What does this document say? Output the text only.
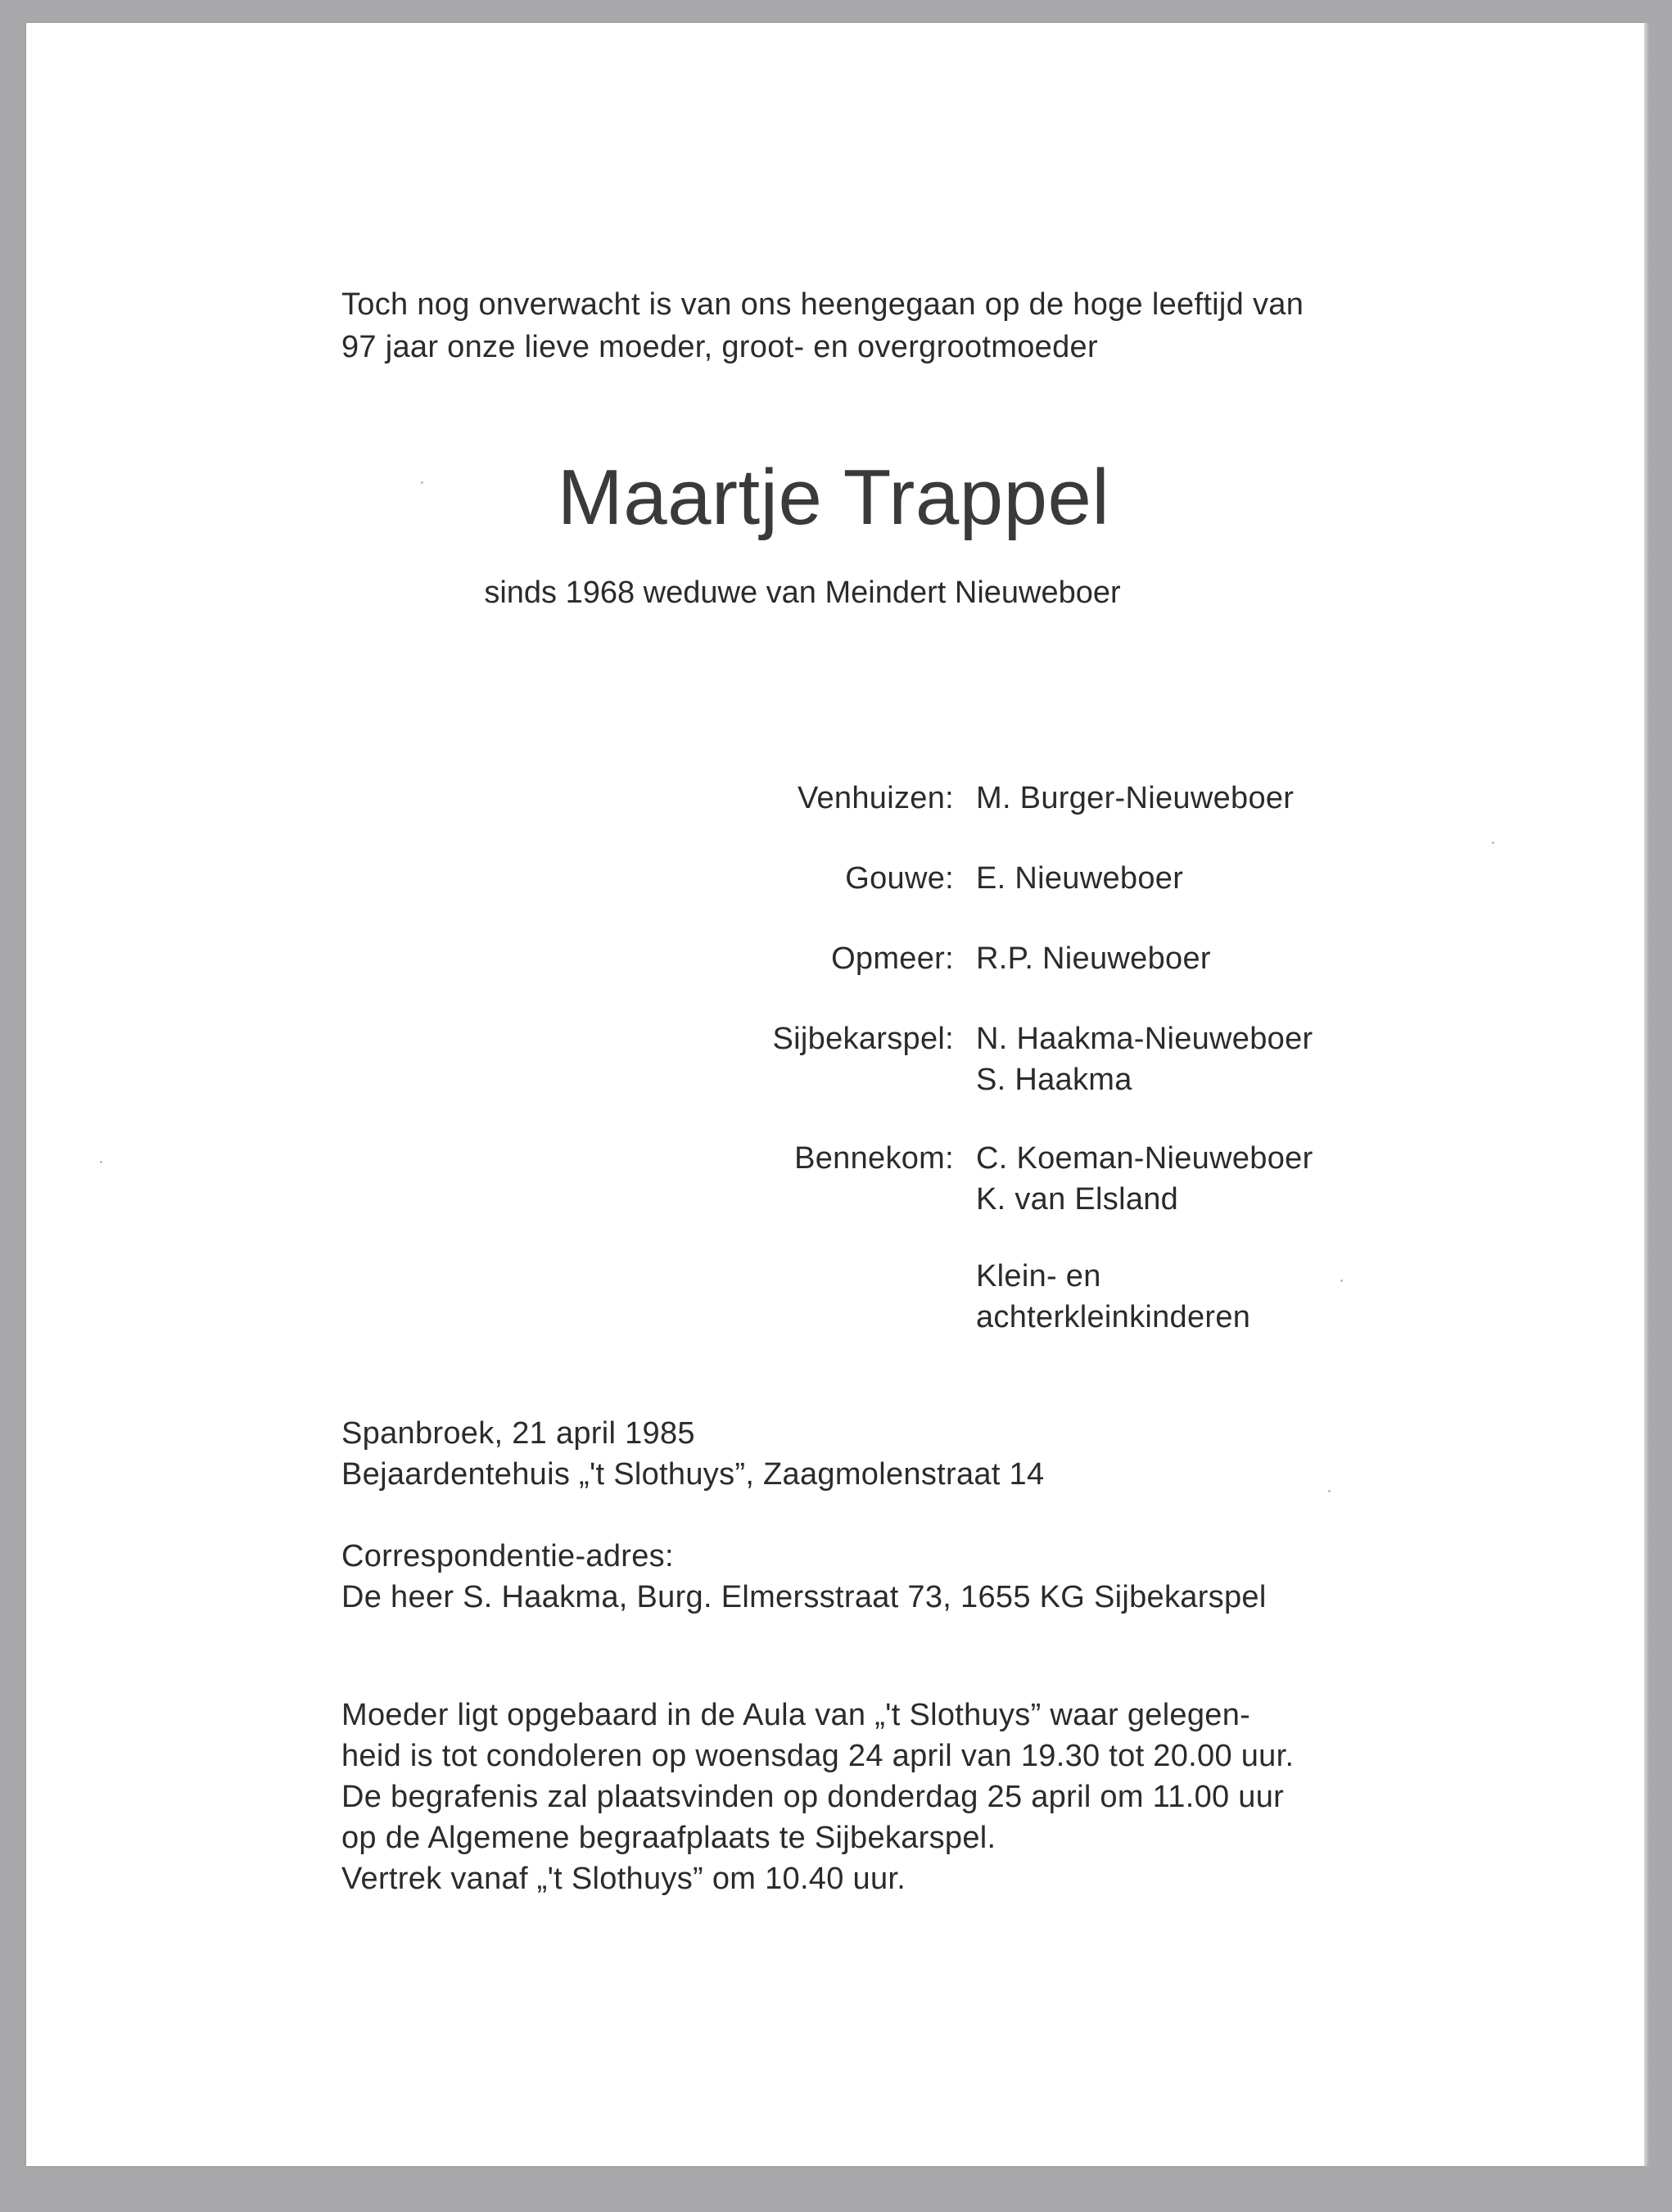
Toch nog onverwacht is van ons heengegaan op de hoge leeftijd van
97 jaar onze lieve moeder, groot- en overgrootmoeder
Maartje Trappel
sinds 1968 weduwe van Meindert Nieuweboer
Venhuizen: M. Burger-Nieuweboer
Gouwe: E. Nieuweboer
Opmeer: R.P. Nieuweboer
Sijbekarspel: N. Haakma-Nieuweboer
S. Haakma
Bennekom: C. Koeman-Nieuweboer
K. van Elsland
Klein- en
achterkleinkinderen
Spanbroek, 21 april 1985
Bejaardentehuis „'t Slothuys”, Zaagmolenstraat 14
Correspondentie-adres:
De heer S. Haakma, Burg. Elmersstraat 73, 1655 KG Sijbekarspel
Moeder ligt opgebaard in de Aula van „'t Slothuys” waar gelegen-
heid is tot condoleren op woensdag 24 april van 19.30 tot 20.00 uur.
De begrafenis zal plaatsvinden op donderdag 25 april om 11.00 uur
op de Algemene begraafplaats te Sijbekarspel.
Vertrek vanaf „'t Slothuys” om 10.40 uur.
